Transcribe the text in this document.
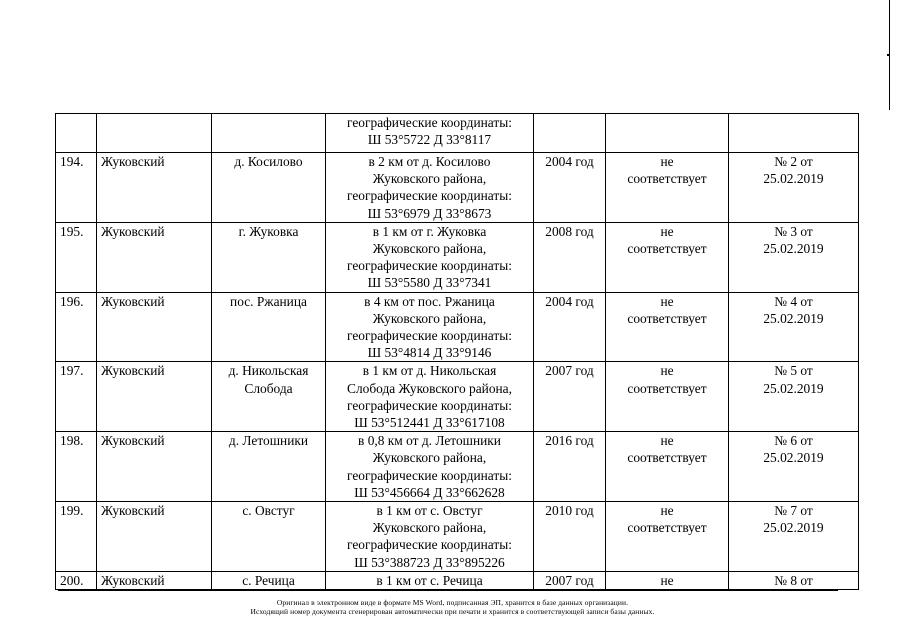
			географические координаты:
Ш 53°5722 Д 33°8117			
194.	Жуковский	д. Косилово	в 2 км от д. Косилово
Жуковского района,
географические координаты:
Ш 53°6979 Д 33°8673	2004 год	не
соответствует	№ 2 от
25.02.2019
195.	Жуковский	г. Жуковка	в 1 км от г. Жуковка
Жуковского района,
географические координаты:
Ш 53°5580 Д 33°7341	2008 год	не
соответствует	№ 3 от
25.02.2019
196.	Жуковский	пос. Ржаница	в 4 км от пос. Ржаница
Жуковского района,
географические координаты:
Ш 53°4814 Д 33°9146	2004 год	не
соответствует	№ 4 от
25.02.2019
197.	Жуковский	д. Никольская
Слобода	в 1 км от д. Никольская
Слобода Жуковского района,
географические координаты:
Ш 53°512441 Д 33°617108	2007 год	не
соответствует	№ 5 от
25.02.2019
198.	Жуковский	д. Летошники	в 0,8 км от д. Летошники
Жуковского района,
географические координаты:
Ш 53°456664 Д 33°662628	2016 год	не
соответствует	№ 6 от
25.02.2019
199.	Жуковский	с. Овстуг	в 1 км от с. Овстуг
Жуковского района,
географические координаты:
Ш 53°388723 Д 33°895226	2010 год	не
соответствует	№ 7 от
25.02.2019
200.	Жуковский	с. Речица	в 1 км от с. Речица	2007 год	не	№ 8 от
Оригинал в электронном виде в формате MS Word, подписанная ЭП, хранится в базе данных организации.
Исходящий номер документа сгенерирован автоматически при печати и хранится в соответствующей записи базы данных.
